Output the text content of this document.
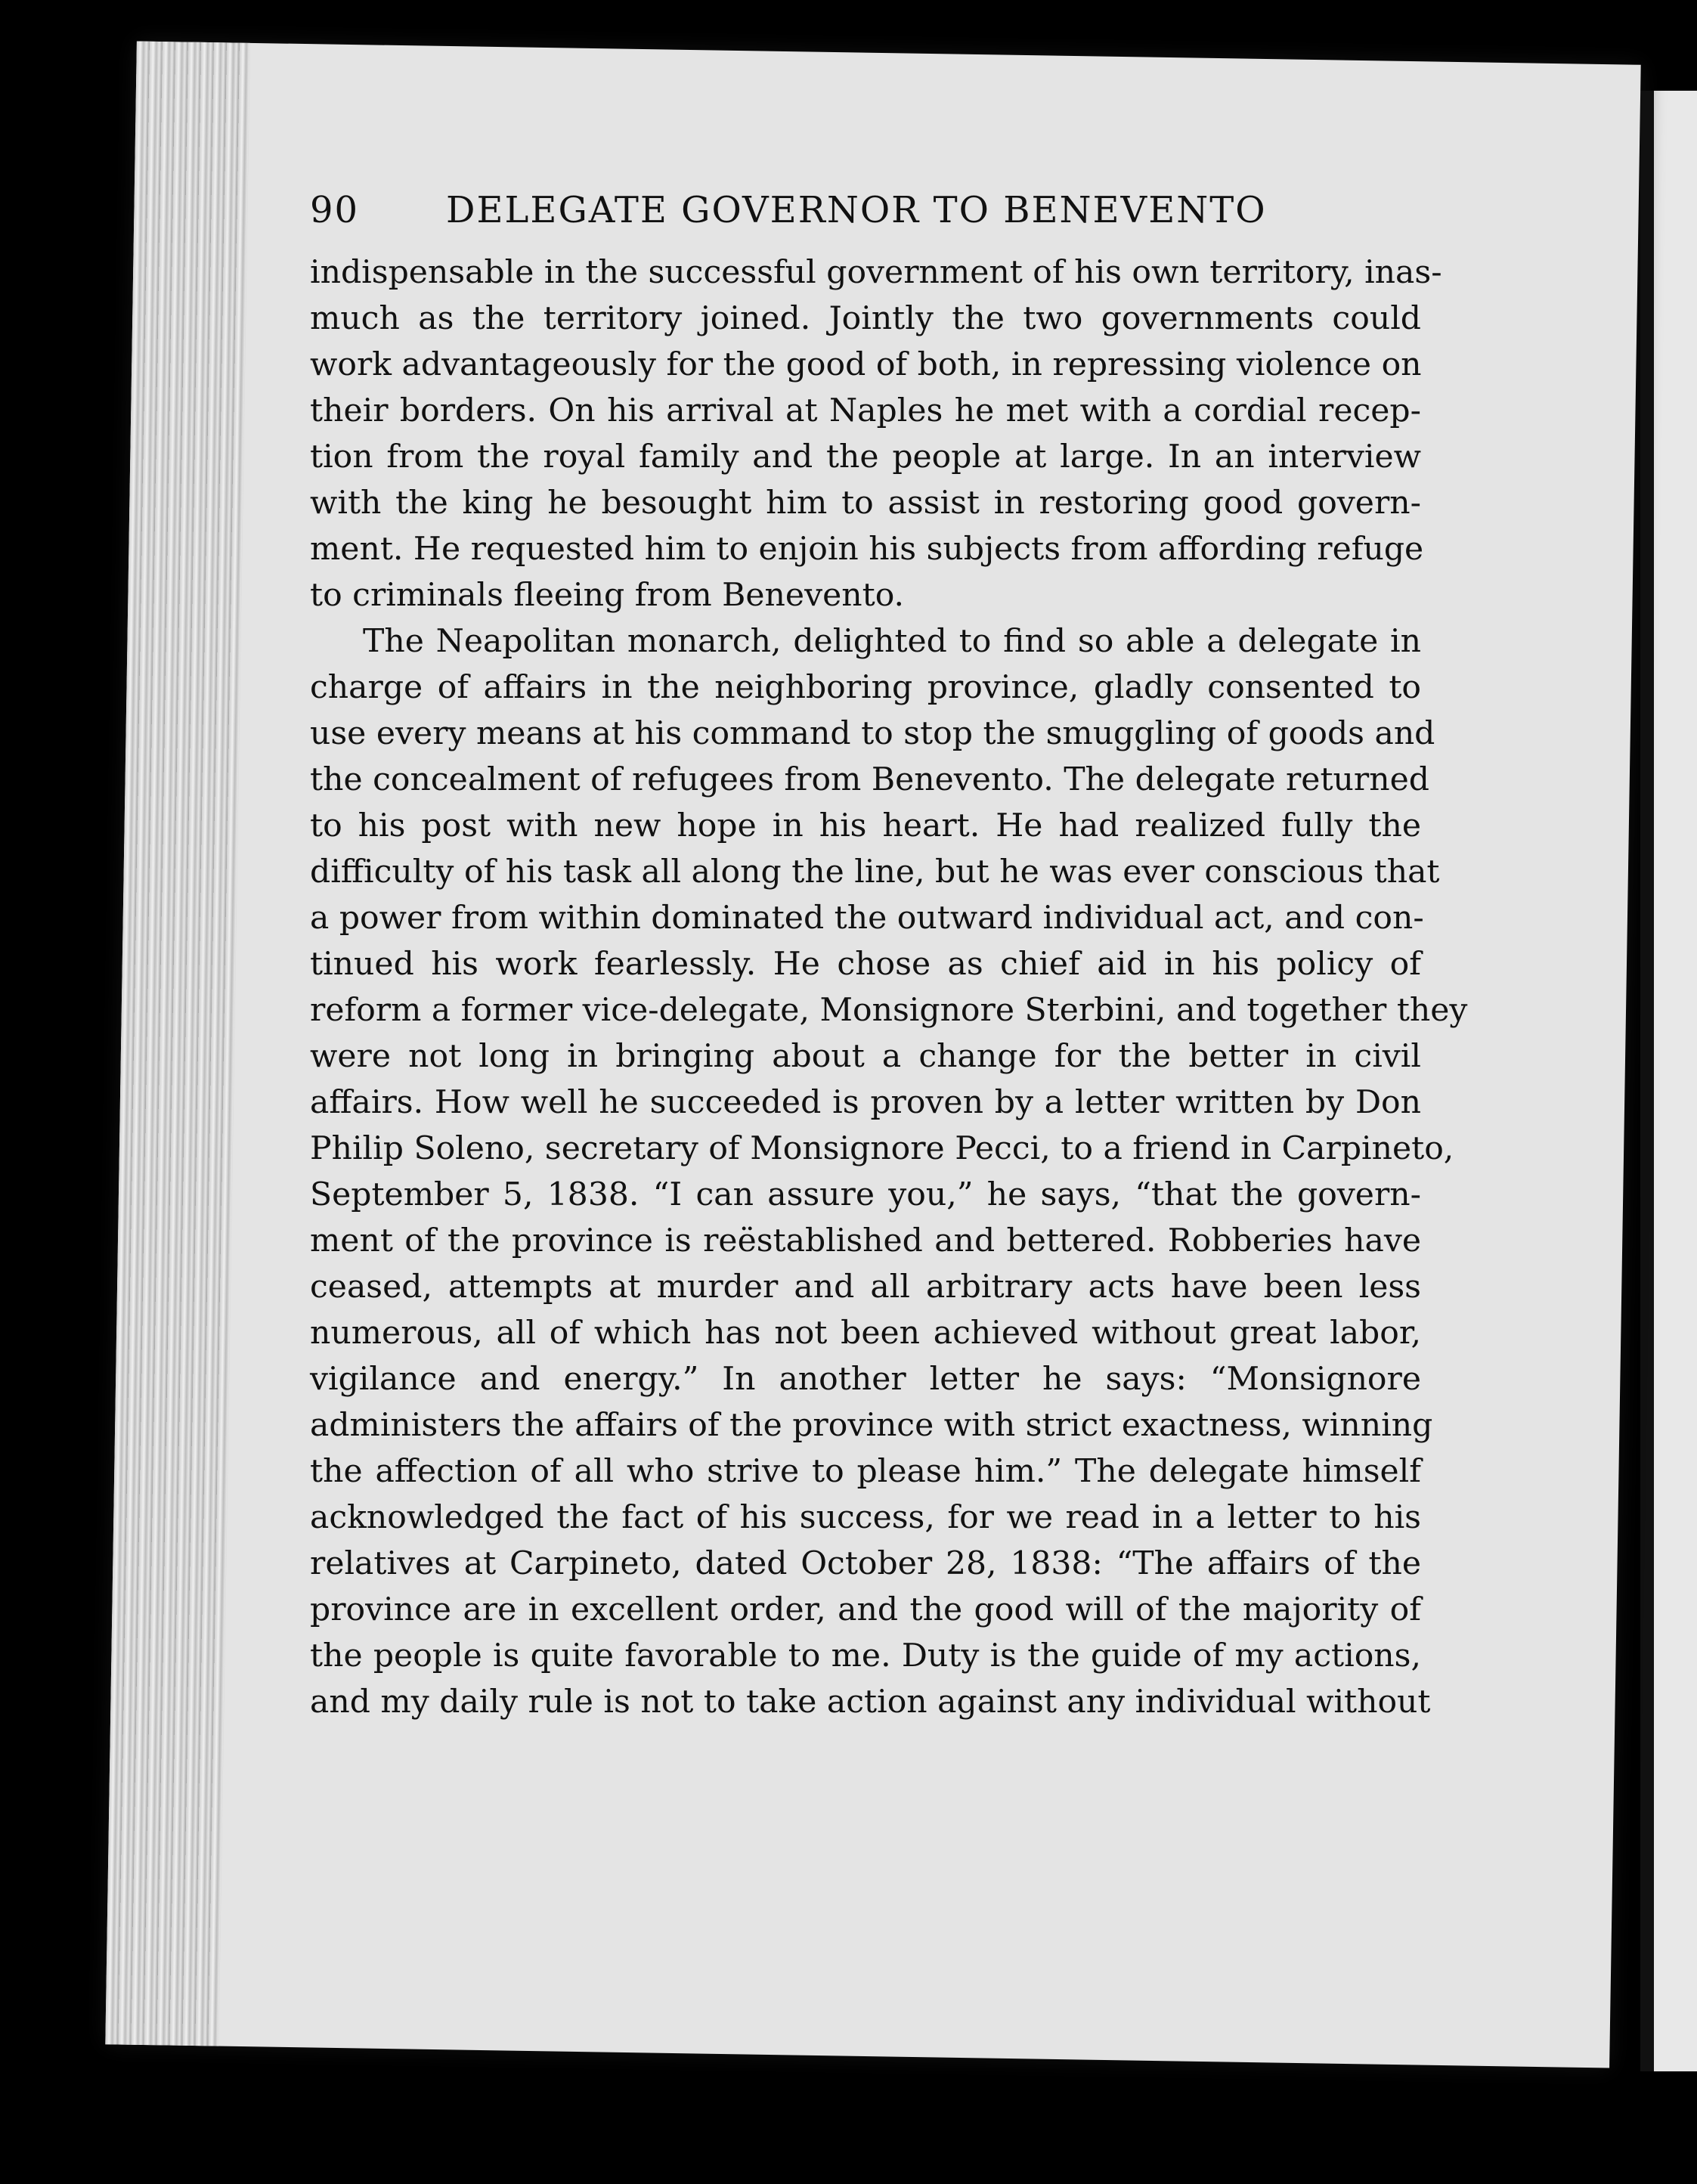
90 DELEGATE GOVERNOR TO BENEVENTO
indispensable in the successful government of his own territory, inas-
much as the territory joined. Jointly the two governments could
work advantageously for the good of both, in repressing violence on
their borders. On his arrival at Naples he met with a cordial recep-
tion from the royal family and the people at large. In an interview
with the king he besought him to assist in restoring good govern-
ment. He requested him to enjoin his subjects from affording refuge
to criminals fleeing from Benevento.
The Neapolitan monarch, delighted to find so able a delegate in
charge of affairs in the neighboring province, gladly consented to
use every means at his command to stop the smuggling of goods and
the concealment of refugees from Benevento. The delegate returned
to his post with new hope in his heart. He had realized fully the
difficulty of his task all along the line, but he was ever conscious that
a power from within dominated the outward individual act, and con-
tinued his work fearlessly. He chose as chief aid in his policy of
reform a former vice-delegate, Monsignore Sterbini, and together they
were not long in bringing about a change for the better in civil
affairs. How well he succeeded is proven by a letter written by Don
Philip Soleno, secretary of Monsignore Pecci, to a friend in Carpineto,
September 5, 1838. “I can assure you,” he says, “that the govern-
ment of the province is reëstablished and bettered. Robberies have
ceased, attempts at murder and all arbitrary acts have been less
numerous, all of which has not been achieved without great labor,
vigilance and energy.” In another letter he says: “Monsignore
administers the affairs of the province with strict exactness, winning
the affection of all who strive to please him.” The delegate himself
acknowledged the fact of his success, for we read in a letter to his
relatives at Carpineto, dated October 28, 1838: “The affairs of the
province are in excellent order, and the good will of the majority of
the people is quite favorable to me. Duty is the guide of my actions,
and my daily rule is not to take action against any individual without
